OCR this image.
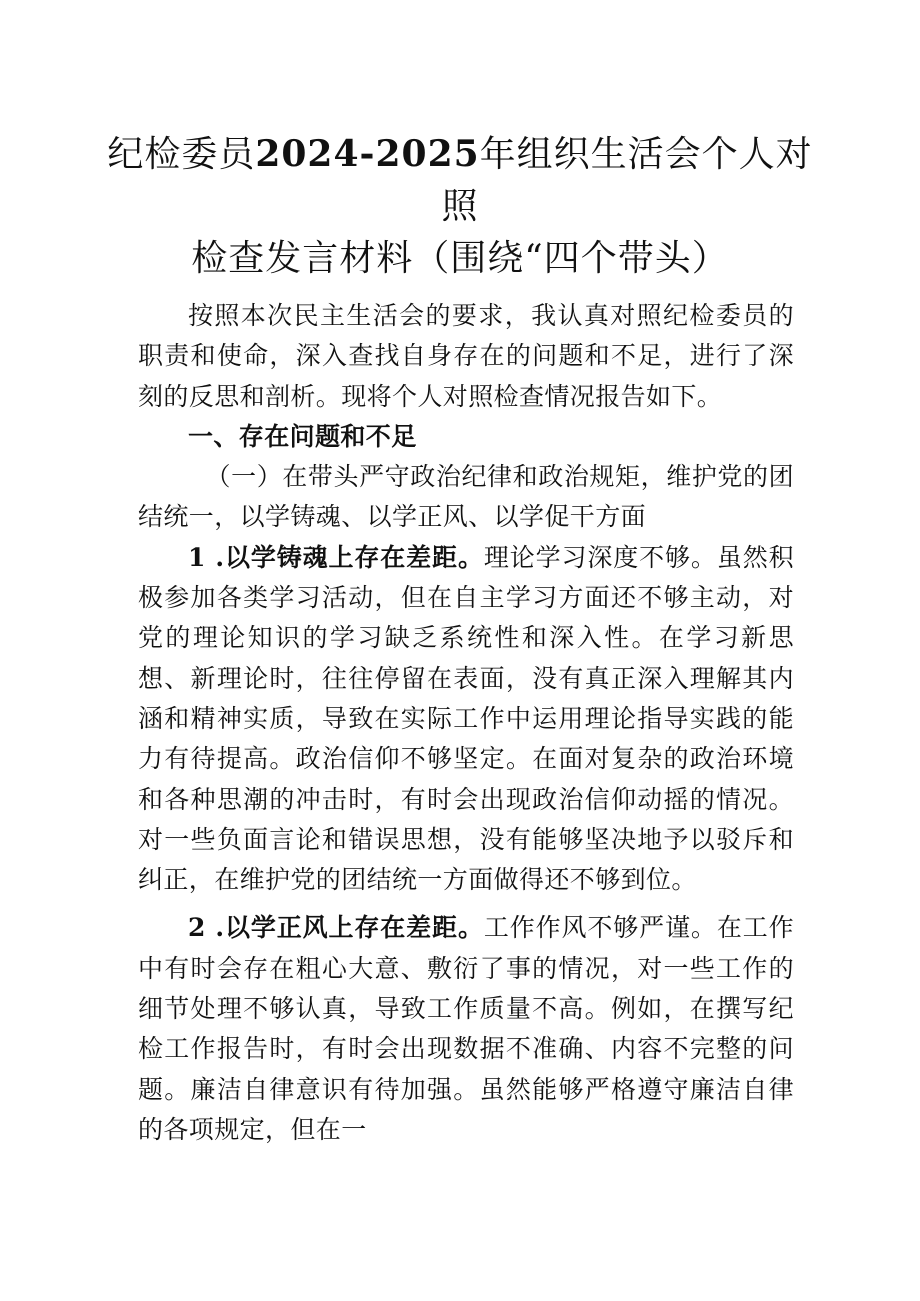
纪检委员2024-2025年组织生活会个人对照
检查发言材料（围绕“四个带头）

按照本次民主生活会的要求，我认真对照纪检委员的职责和使命，深入查找自身存在的问题和不足，进行了深刻的反思和剖析。现将个人对照检查情况报告如下。

一、存在问题和不足

（一）在带头严守政治纪律和政治规矩，维护党的团结统一，以学铸魂、以学正风、以学促干方面

1 .以学铸魂上存在差距。理论学习深度不够。虽然积极参加各类学习活动，但在自主学习方面还不够主动，对党的理论知识的学习缺乏系统性和深入性。在学习新思想、新理论时，往往停留在表面，没有真正深入理解其内涵和精神实质，导致在实际工作中运用理论指导实践的能力有待提高。政治信仰不够坚定。在面对复杂的政治环境和各种思潮的冲击时，有时会出现政治信仰动摇的情况。对一些负面言论和错误思想，没有能够坚决地予以驳斥和纠正，在维护党的团结统一方面做得还不够到位。

2 .以学正风上存在差距。工作作风不够严谨。在工作中有时会存在粗心大意、敷衍了事的情况，对一些工作的细节处理不够认真，导致工作质量不高。例如，在撰写纪检工作报告时，有时会出现数据不准确、内容不完整的问题。廉洁自律意识有待加强。虽然能够严格遵守廉洁自律的各项规定，但在一
